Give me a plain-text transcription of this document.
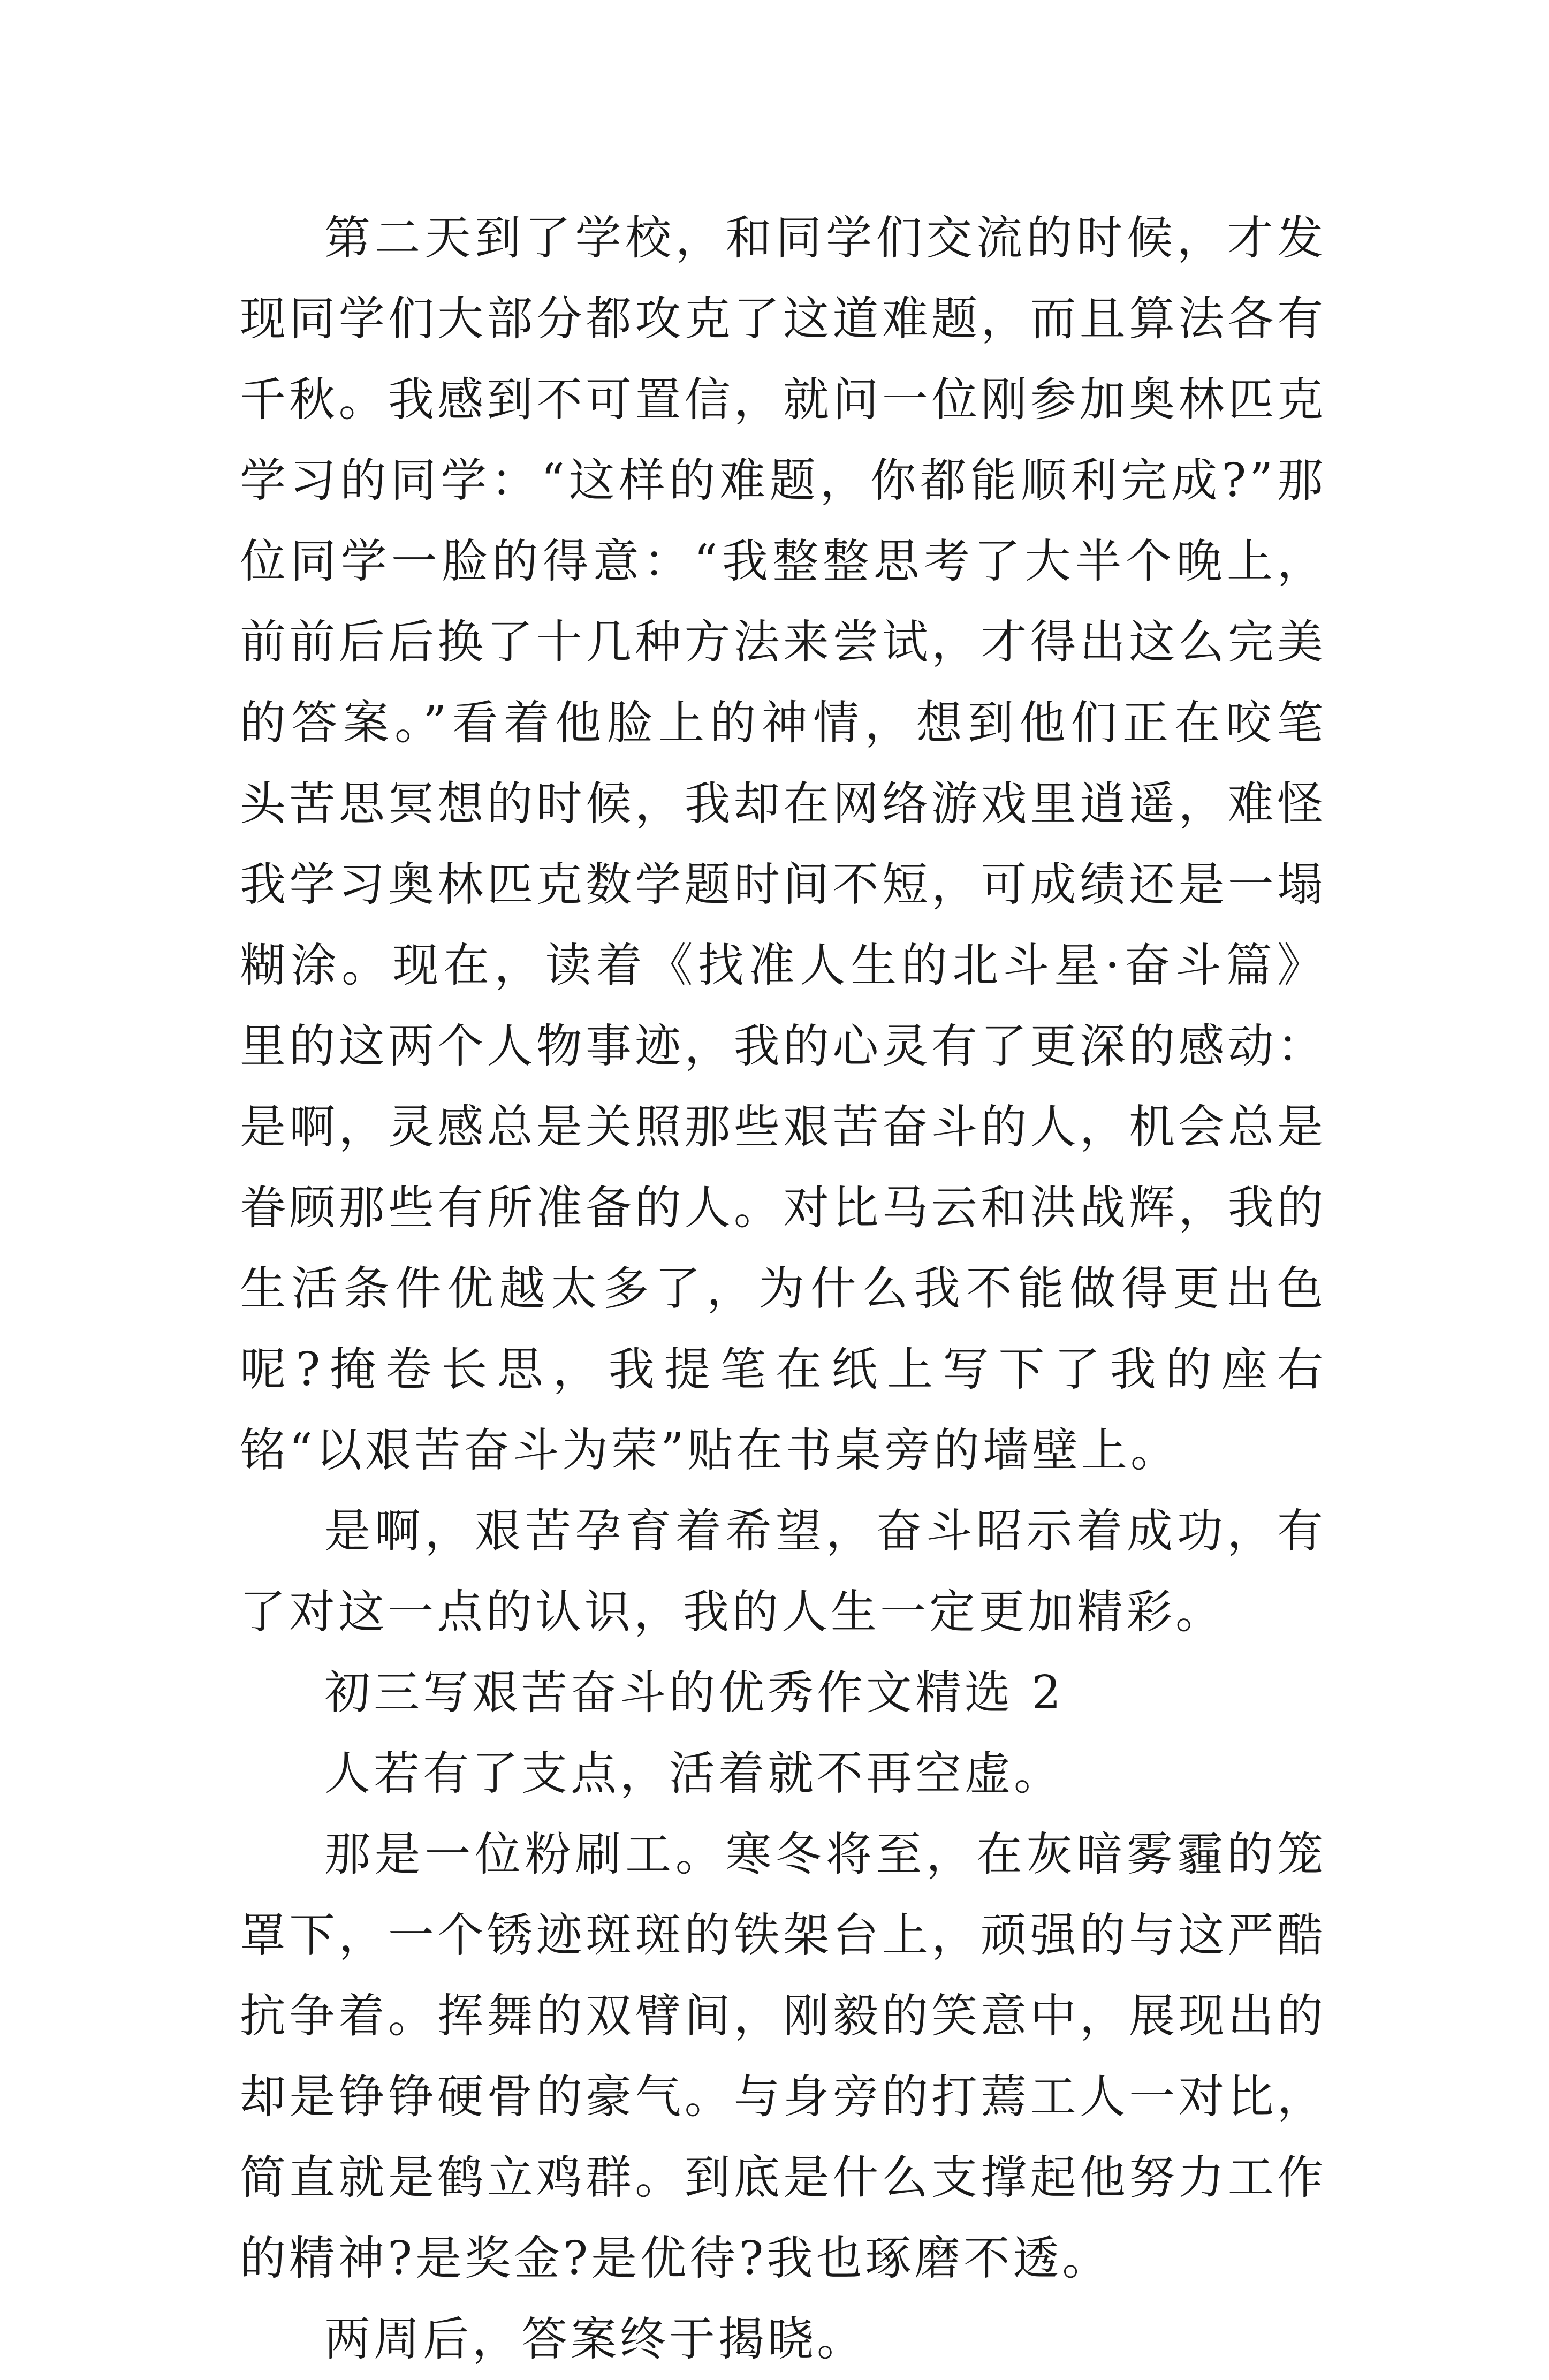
第二天到了学校，和同学们交流的时候，才发现同学们大部分都攻克了这道难题，而且算法各有千秋。我感到不可置信，就问一位刚参加奥林匹克学习的同学：“这样的难题，你都能顺利完成?”那位同学一脸的得意：“我整整思考了大半个晚上，前前后后换了十几种方法来尝试，才得出这么完美的答案。”看着他脸上的神情，想到他们正在咬笔头苦思冥想的时候，我却在网络游戏里逍遥，难怪我学习奥林匹克数学题时间不短，可成绩还是一塌糊涂。现在，读着《找准人生的北斗星·奋斗篇》里的这两个人物事迹，我的心灵有了更深的感动：是啊，灵感总是关照那些艰苦奋斗的人，机会总是眷顾那些有所准备的人。对比马云和洪战辉，我的生活条件优越太多了，为什么我不能做得更出色呢?掩卷长思，我提笔在纸上写下了我的座右铭“以艰苦奋斗为荣”贴在书桌旁的墙壁上。

是啊，艰苦孕育着希望，奋斗昭示着成功，有了对这一点的认识，我的人生一定更加精彩。

初三写艰苦奋斗的优秀作文精选 2

人若有了支点，活着就不再空虚。

那是一位粉刷工。寒冬将至，在灰暗雾霾的笼罩下，一个锈迹斑斑的铁架台上，顽强的与这严酷抗争着。挥舞的双臂间，刚毅的笑意中，展现出的却是铮铮硬骨的豪气。与身旁的打蔫工人一对比，简直就是鹤立鸡群。到底是什么支撑起他努力工作的精神?是奖金?是优待?我也琢磨不透。

两周后，答案终于揭晓。
